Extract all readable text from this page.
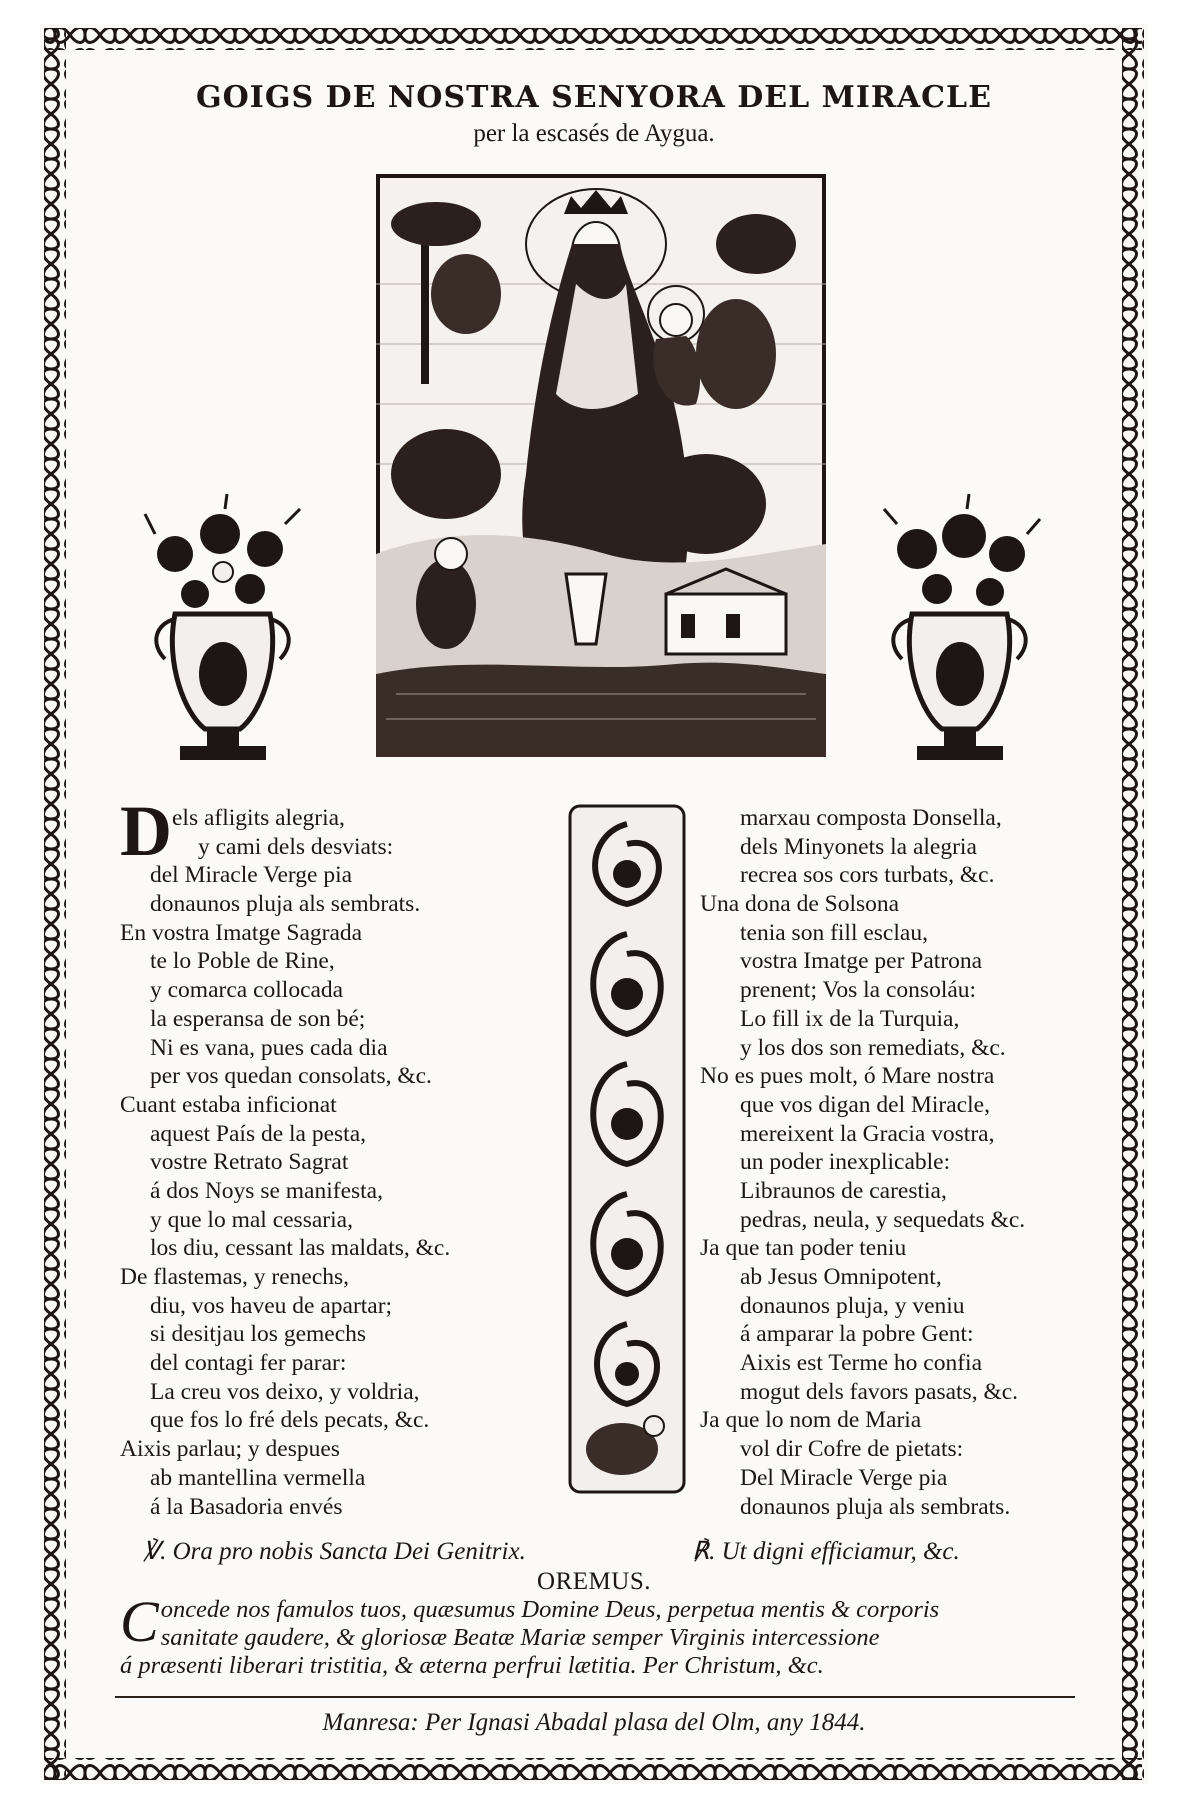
GOIGS DE NOSTRA SENYORA DEL MIRACLE
per la escasés de Aygua.
D els afligits alegria,
y cami dels desviats:
del Miracle Verge pia
donaunos pluja als sembrats.
En vostra Imatge Sagrada
te lo Poble de Rine,
y comarca collocada
la esperansa de son bé;
Ni es vana, pues cada dia
per vos quedan consolats, &c.
Cuant estaba inficionat
aquest País de la pesta,
vostre Retrato Sagrat
á dos Noys se manifesta,
y que lo mal cessaria,
los diu, cessant las maldats, &c.
De flastemas, y renechs,
diu, vos haveu de apartar;
si desitjau los gemechs
del contagi fer parar:
La creu vos deixo, y voldria,
que fos lo fré dels pecats, &c.
Aixis parlau; y despues
ab mantellina vermella
á la Basadoria envés
marxau composta Donsella,
dels Minyonets la alegria
recrea sos cors turbats, &c.
Una dona de Solsona
tenia son fill esclau,
vostra Imatge per Patrona
prenent; Vos la consoláu:
Lo fill ix de la Turquia,
y los dos son remediats, &c.
No es pues molt, ó Mare nostra
que vos digan del Miracle,
mereixent la Gracia vostra,
un poder inexplicable:
Libraunos de carestia,
pedras, neula, y sequedats &c.
Ja que tan poder teniu
ab Jesus Omnipotent,
donaunos pluja, y veniu
á amparar la pobre Gent:
Aixis est Terme ho confia
mogut dels favors pasats, &c.
Ja que lo nom de Maria
vol dir Cofre de pietats:
Del Miracle Verge pia
donaunos pluja als sembrats.
℣. Ora pro nobis Sancta Dei Genitrix.	℟. Ut digni efficiamur, &c.
OREMUS.
C oncede nos famulos tuos, quæsumus Domine Deus, perpetua mentis & corporis
sanitate gaudere, & gloriosæ Beatæ Mariæ semper Virginis intercessione
á præsenti liberari tristitia, & æterna perfrui lætitia. Per Christum, &c.
Manresa: Per Ignasi Abadal plasa del Olm, any 1844.
